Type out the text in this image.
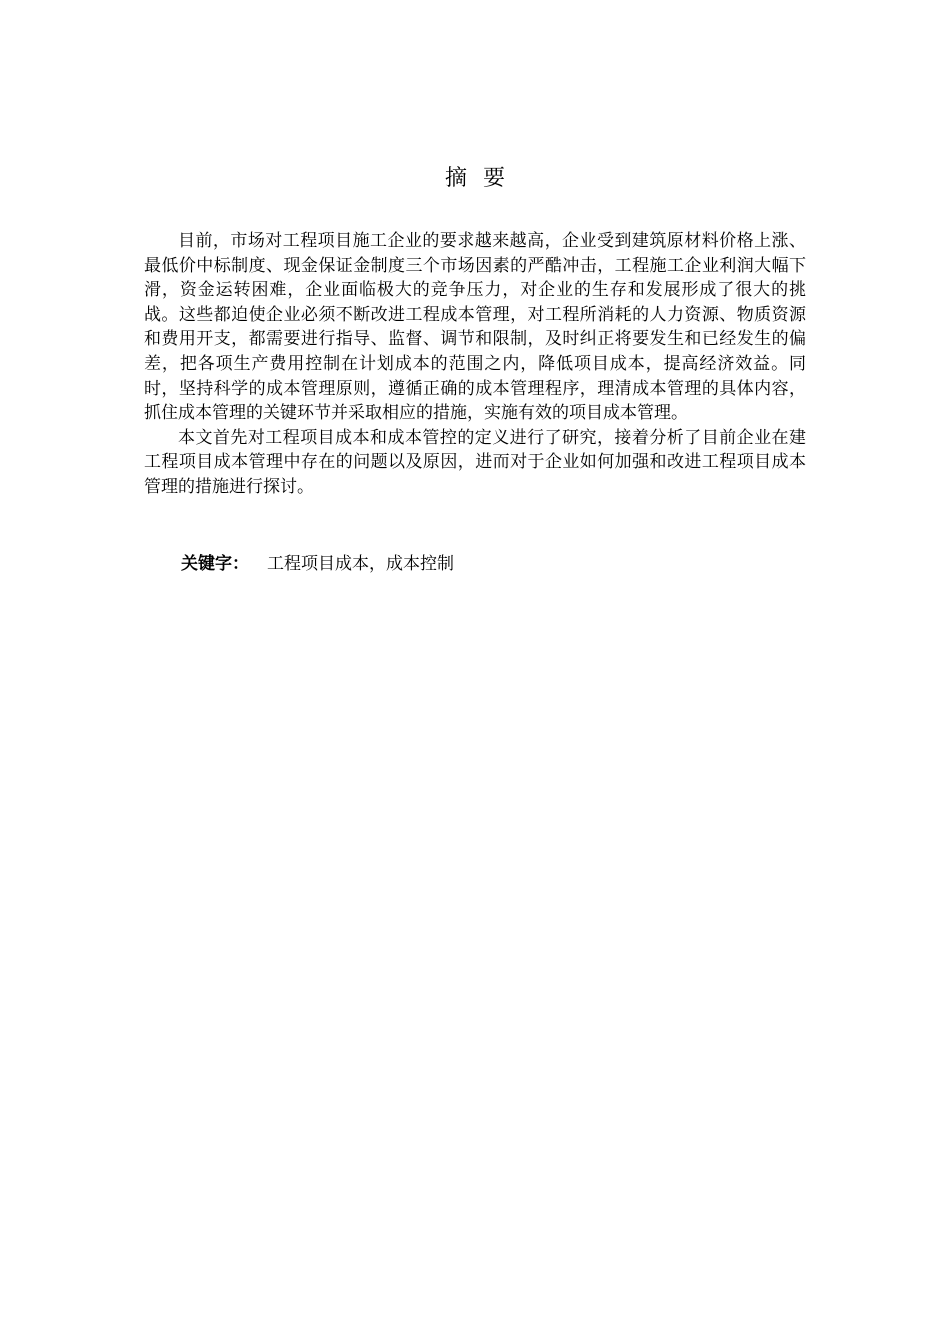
摘要

目前，市场对工程项目施工企业的要求越来越高，企业受到建筑原材料价格上涨、最低价中标制度、现金保证金制度三个市场因素的严酷冲击，工程施工企业利润大幅下滑，资金运转困难，企业面临极大的竞争压力，对企业的生存和发展形成了很大的挑战。这些都迫使企业必须不断改进工程成本管理，对工程所消耗的人力资源、物质资源和费用开支，都需要进行指导、监督、调节和限制，及时纠正将要发生和已经发生的偏差，把各项生产费用控制在计划成本的范围之内，降低项目成本，提高经济效益。同时，坚持科学的成本管理原则，遵循正确的成本管理程序，理清成本管理的具体内容，抓住成本管理的关键环节并采取相应的措施，实施有效的项目成本管理。

本文首先对工程项目成本和成本管控的定义进行了研究，接着分析了目前企业在建工程项目成本管理中存在的问题以及原因，进而对于企业如何加强和改进工程项目成本管理的措施进行探讨。

关键字： 工程项目成本，成本控制
